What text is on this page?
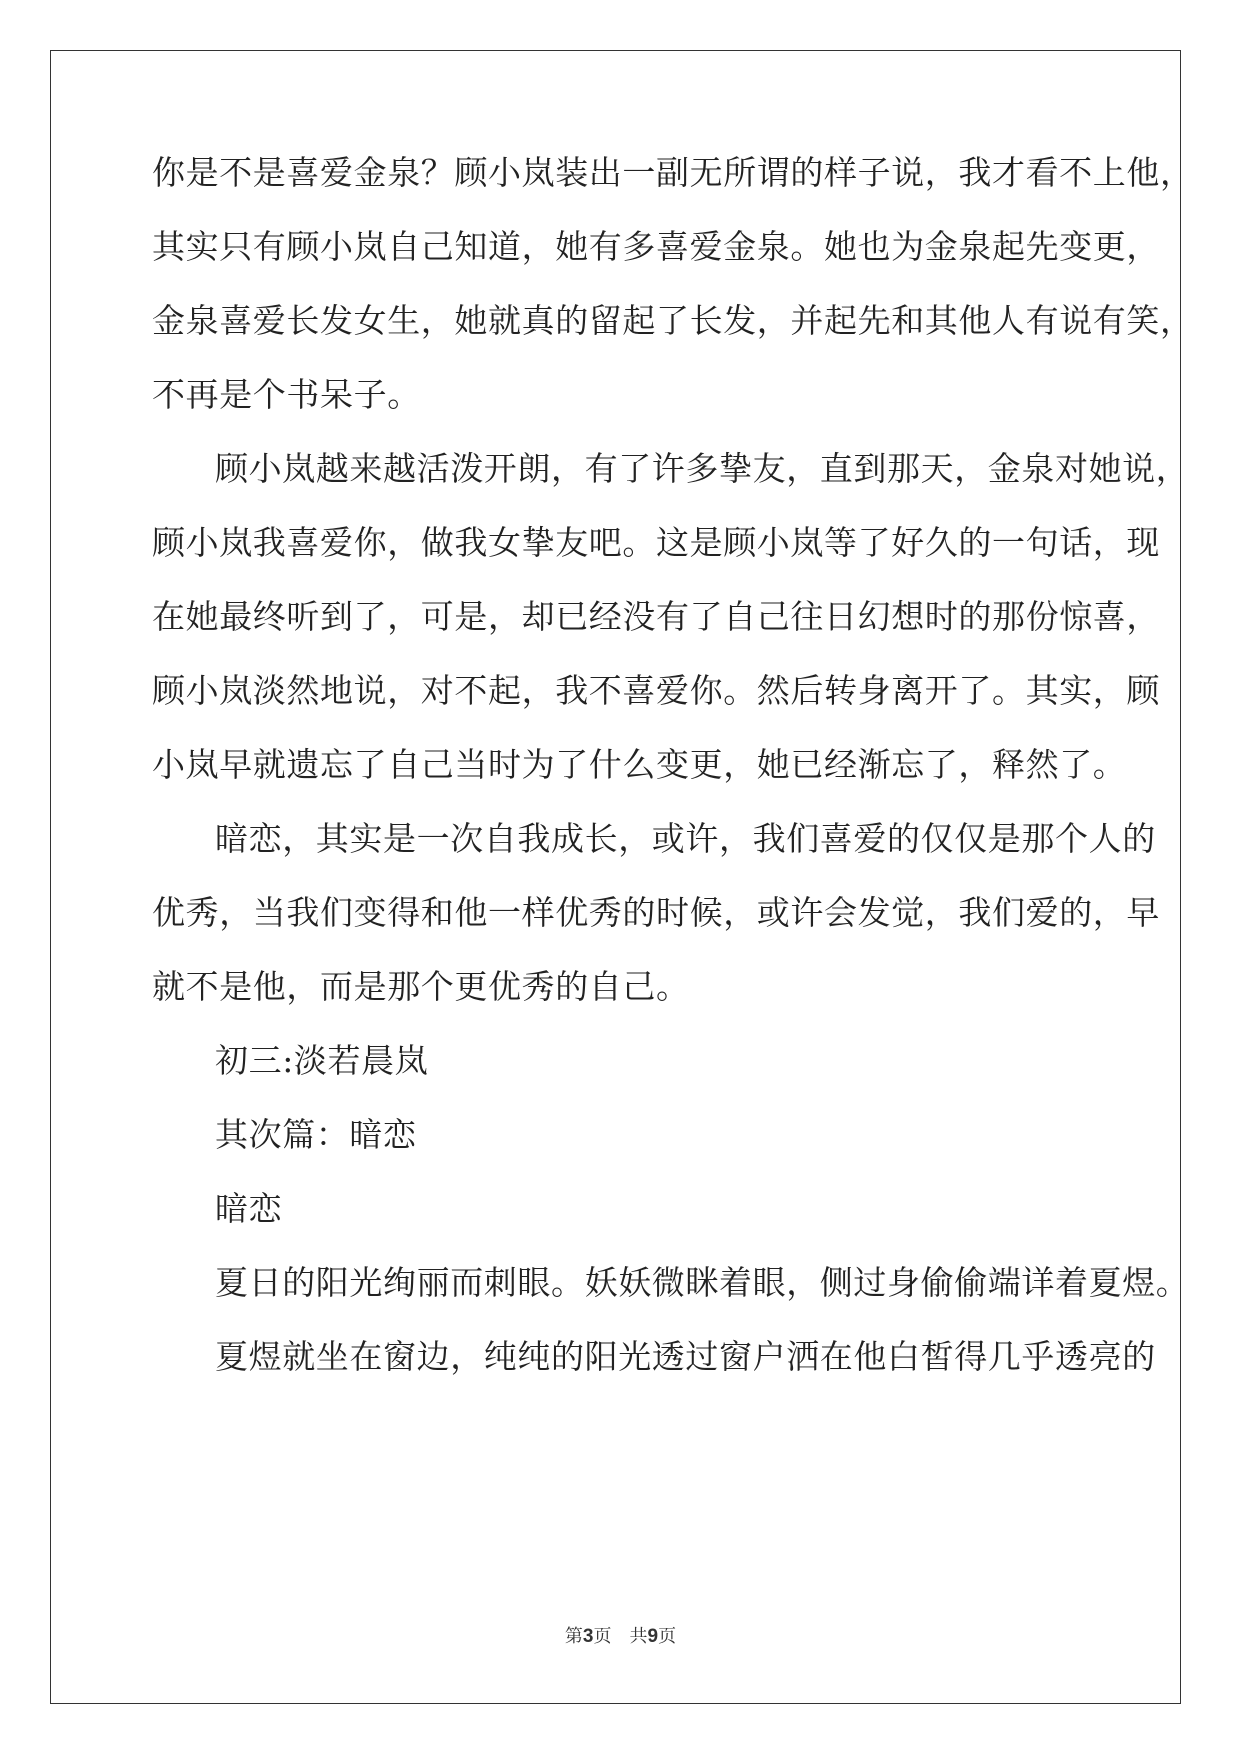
你是不是喜爱金泉？顾小岚装出一副无所谓的样子说，我才看不上他，
其实只有顾小岚自己知道，她有多喜爱金泉。她也为金泉起先变更，
金泉喜爱长发女生，她就真的留起了长发，并起先和其他人有说有笑，
不再是个书呆子。
顾小岚越来越活泼开朗，有了许多挚友，直到那天，金泉对她说，
顾小岚我喜爱你，做我女挚友吧。这是顾小岚等了好久的一句话，现
在她最终听到了，可是，却已经没有了自己往日幻想时的那份惊喜，
顾小岚淡然地说，对不起，我不喜爱你。然后转身离开了。其实，顾
小岚早就遗忘了自己当时为了什么变更，她已经渐忘了，释然了。
暗恋，其实是一次自我成长，或许，我们喜爱的仅仅是那个人的
优秀，当我们变得和他一样优秀的时候，或许会发觉，我们爱的，早
就不是他，而是那个更优秀的自己。
初三:淡若晨岚
其次篇：暗恋
暗恋
夏日的阳光绚丽而刺眼。妖妖微眯着眼，侧过身偷偷端详着夏煜。
夏煜就坐在窗边，纯纯的阳光透过窗户洒在他白皙得几乎透亮的
第3页 共9页
